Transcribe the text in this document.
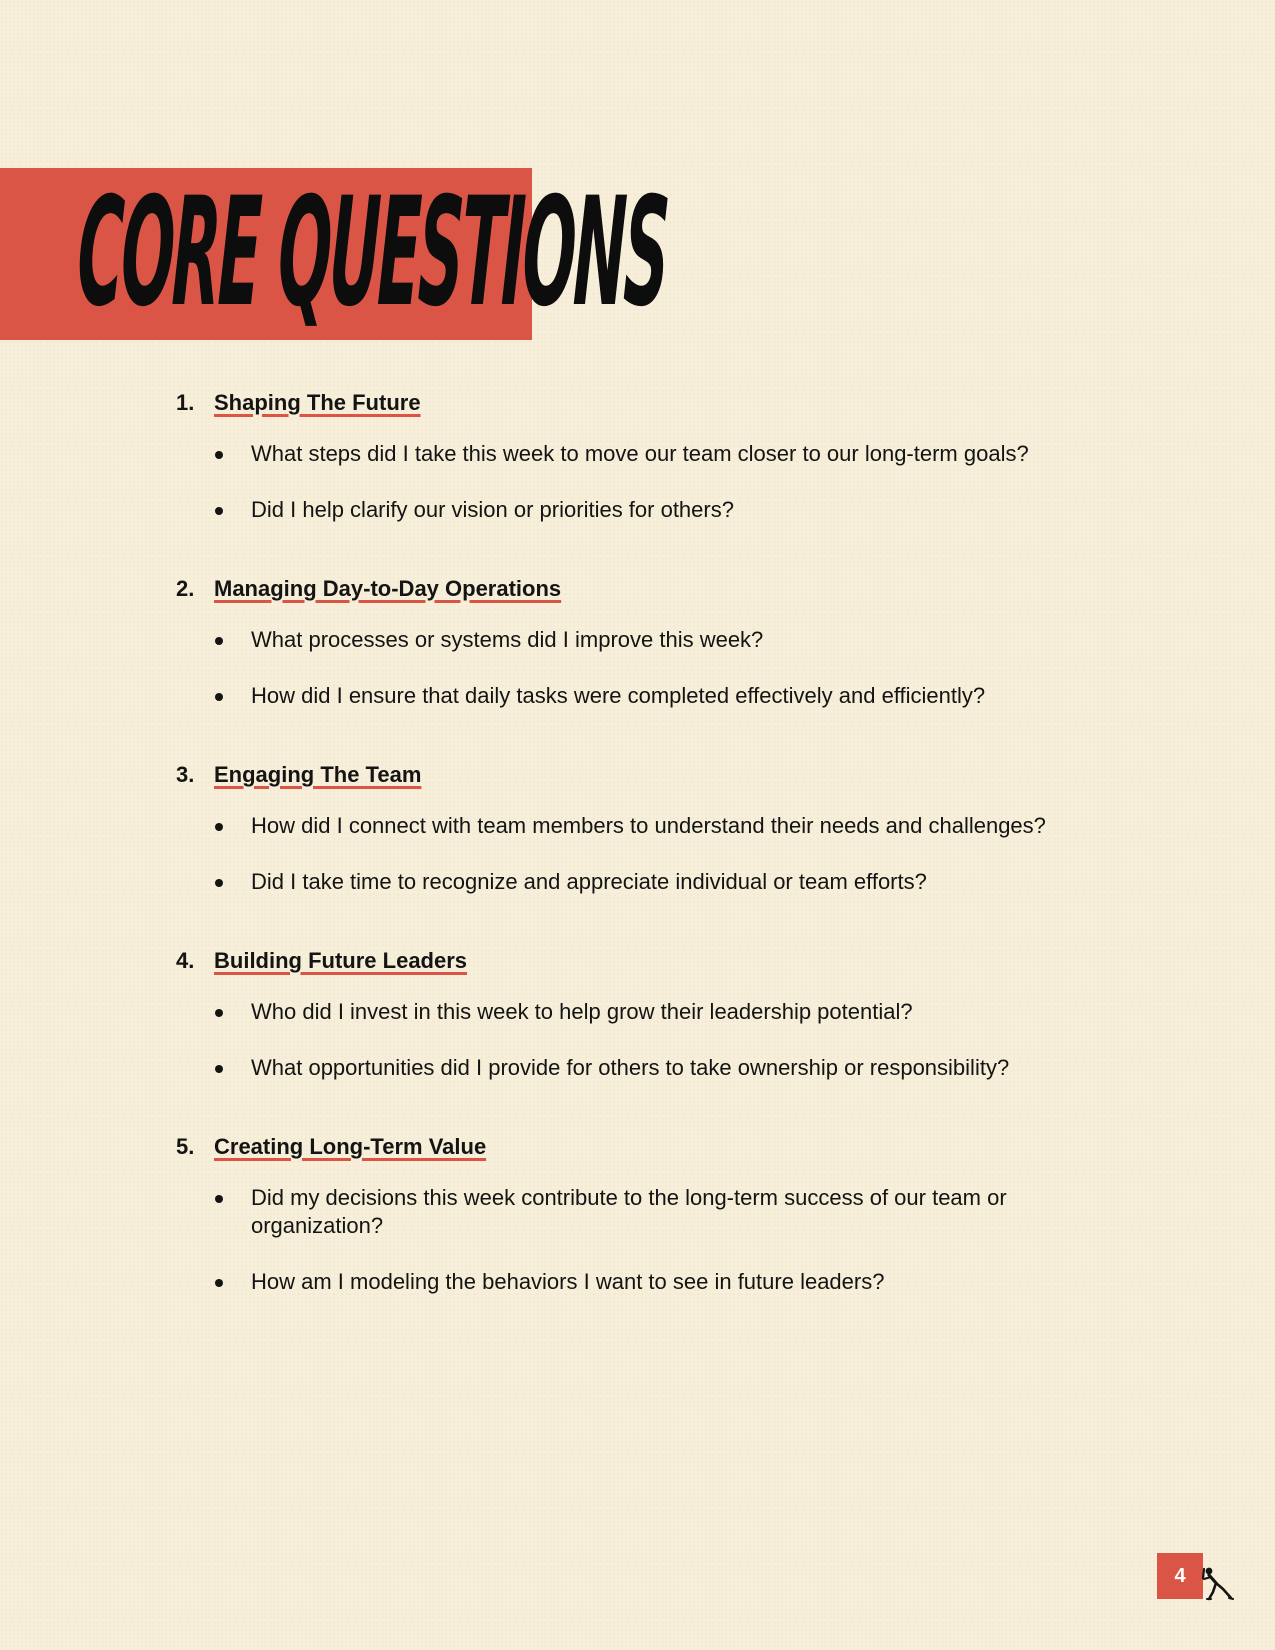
CORE QUESTIONS
1. Shaping The Future
What steps did I take this week to move our team closer to our long-term goals?
Did I help clarify our vision or priorities for others?
2. Managing Day-to-Day Operations
What processes or systems did I improve this week?
How did I ensure that daily tasks were completed effectively and efficiently?
3. Engaging The Team
How did I connect with team members to understand their needs and challenges?
Did I take time to recognize and appreciate individual or team efforts?
4. Building Future Leaders
Who did I invest in this week to help grow their leadership potential?
What opportunities did I provide for others to take ownership or responsibility?
5. Creating Long-Term Value
Did my decisions this week contribute to the long-term success of our team or organization?
How am I modeling the behaviors I want to see in future leaders?
4
